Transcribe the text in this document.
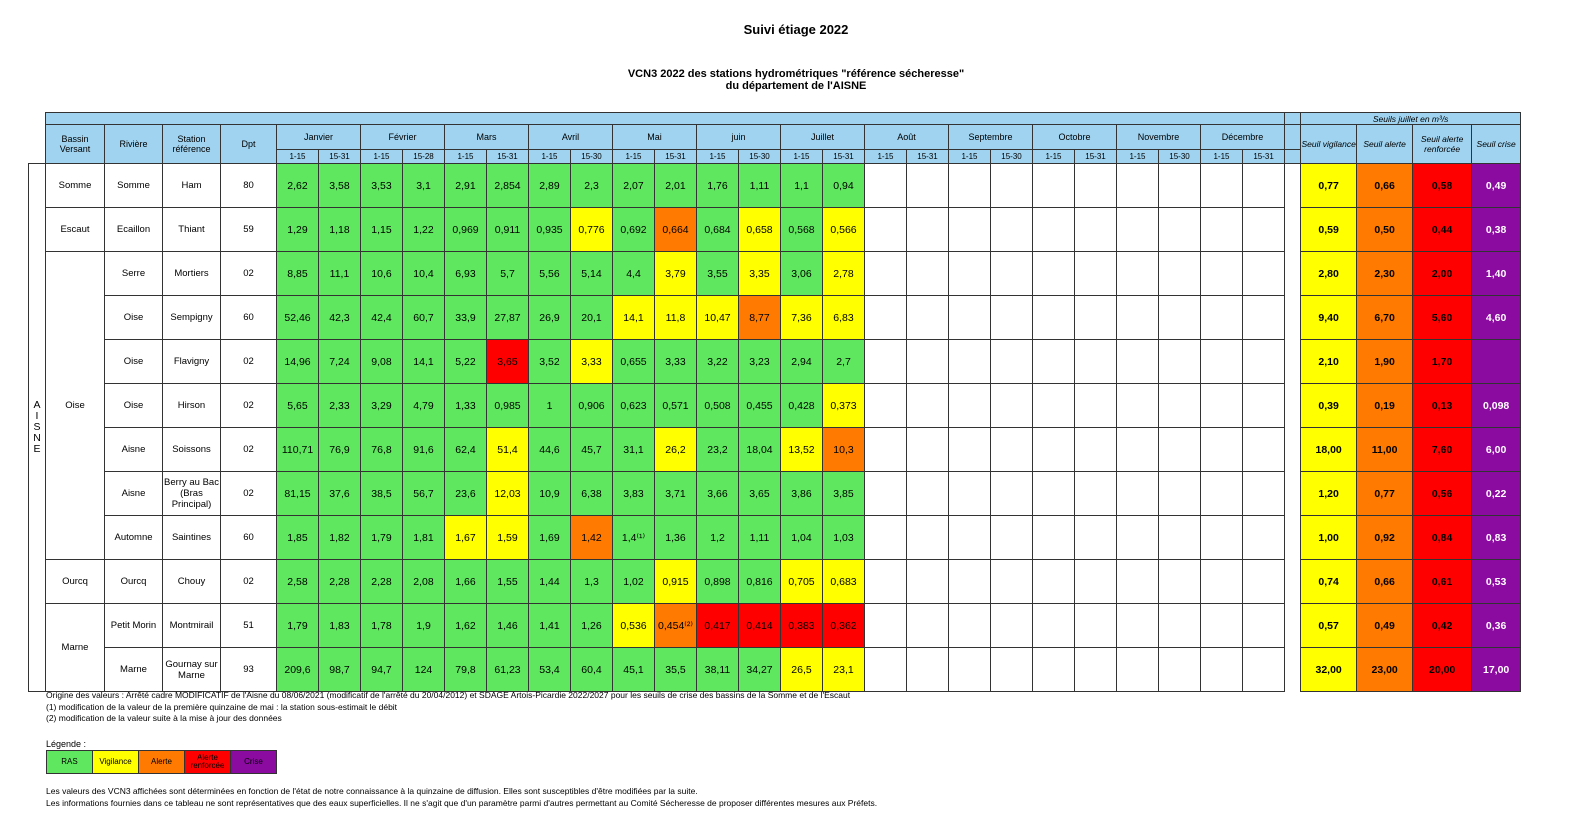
Suivi étiage 2022
VCN3 2022 des stations hydrométriques "référence sécheresse"
du département de l'AISNE
																														Seuils juillet en m³/s			
	Bassin Versant	Rivière	Station référence	Dpt	Janvier		Février		Mars		Avril		Mai		juin		Juillet		Août		Septembre		Octobre		Novembre		Décembre			Seuil vigilance	Seuil alerte	Seuil alerte renforcée	Seuil crise
					1-15	15-31	1-15	15-28	1-15	15-31	1-15	15-30	1-15	15-31	1-15	15-30	1-15	15-31	1-15	15-31	1-15	15-30	1-15	15-31	1-15	15-30	1-15	15-31					
A
I
S
N
E	Somme	Somme	Ham	80	2,62	3,58	3,53	3,1	2,91	2,854	2,89	2,3	2,07	2,01	1,76	1,11	1,1	0,94												0,77	0,66	0,58	0,49
	Escaut	Ecaillon	Thiant	59	1,29	1,18	1,15	1,22	0,969	0,911	0,935	0,776	0,692	0,664	0,684	0,658	0,568	0,566												0,59	0,50	0,44	0,38
	Oise	Serre	Mortiers	02	8,85	11,1	10,6	10,4	6,93	5,7	5,56	5,14	4,4	3,79	3,55	3,35	3,06	2,78												2,80	2,30	2,00	1,40
		Oise	Sempigny	60	52,46	42,3	42,4	60,7	33,9	27,87	26,9	20,1	14,1	11,8	10,47	8,77	7,36	6,83												9,40	6,70	5,60	4,60
		Oise	Flavigny	02	14,96	7,24	9,08	14,1	5,22	3,65	3,52	3,33	0,655	3,33	3,22	3,23	2,94	2,7												2,10	1,90	1,70	
		Oise	Hirson	02	5,65	2,33	3,29	4,79	1,33	0,985	1	0,906	0,623	0,571	0,508	0,455	0,428	0,373												0,39	0,19	0,13	0,098
		Aisne	Soissons	02	110,71	76,9	76,8	91,6	62,4	51,4	44,6	45,7	31,1	26,2	23,2	18,04	13,52	10,3												18,00	11,00	7,60	6,00
		Aisne	Berry au Bac (Bras Principal)	02	81,15	37,6	38,5	56,7	23,6	12,03	10,9	6,38	3,83	3,71	3,66	3,65	3,86	3,85												1,20	0,77	0,56	0,22
		Automne	Saintines	60	1,85	1,82	1,79	1,81	1,67	1,59	1,69	1,42	1,4⁽¹⁾	1,36	1,2	1,11	1,04	1,03												1,00	0,92	0,84	0,83
	Ourcq	Ourcq	Chouy	02	2,58	2,28	2,28	2,08	1,66	1,55	1,44	1,3	1,02	0,915	0,898	0,816	0,705	0,683												0,74	0,66	0,61	0,53
	Marne	Petit Morin	Montmirail	51	1,79	1,83	1,78	1,9	1,62	1,46	1,41	1,26	0,536	0,454⁽²⁾	0,417	0,414	0,383	0,362												0,57	0,49	0,42	0,36
		Marne	Gournay sur Marne	93	209,6	98,7	94,7	124	79,8	61,23	53,4	60,4	45,1	35,5	38,11	34,27	26,5	23,1												32,00	23,00	20,00	17,00
Origine des valeurs : Arrêté cadre MODIFICATIF de l'Aisne du 08/06/2021 (modificatif de l'arrêté du 20/04/2012) et SDAGE Artois-Picardie 2022/2027 pour les seuils de crise des bassins de la Somme et de l'Escaut
(1) modification de la valeur de la première quinzaine de mai : la station sous-estimait le débit
(2) modification de la valeur suite à la mise à jour des données
Légende :
RAS	Vigilance	Alerte	Alerte renforcée	Crise
Les valeurs des VCN3 affichées sont déterminées en fonction de l'état de notre connaissance à la quinzaine de diffusion. Elles sont susceptibles d'être modifiées par la suite.
Les informations fournies dans ce tableau ne sont représentatives que des eaux superficielles. Il ne s'agit que d'un paramètre parmi d'autres permettant au Comité Sécheresse de proposer différentes mesures aux Préfets.
